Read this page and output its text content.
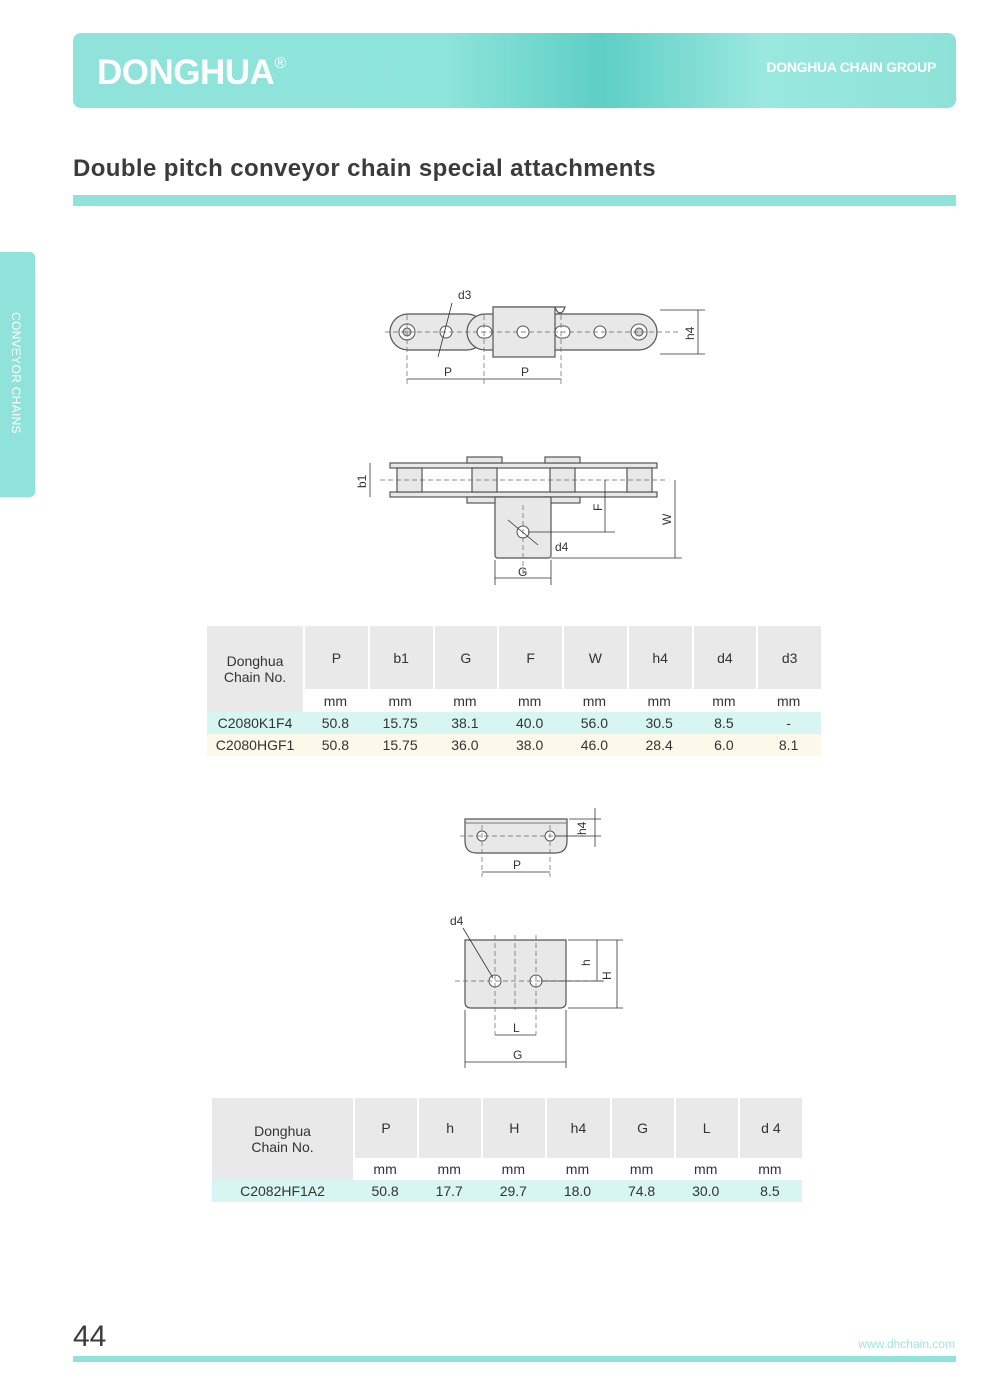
DONGHUA®	DONGHUA CHAIN GROUP
Double pitch conveyor chain special attachments
CONVEYOR CHAINS
d3
P	P
h4
b1
F
W
d4
G
Donghua
Chain No.	P	b1	G	F	W	h4	d4	d3
	mm	mm	mm	mm	mm	mm	mm	mm
C2080K1F4	50.8	15.75	38.1	40.0	56.0	30.5	8.5	-
C2080HGF1	50.8	15.75	36.0	38.0	46.0	28.4	6.0	8.1
P
h4
d4
L
G
h
H
Donghua
Chain No.	P	h	H	h4	G	L	d 4
	mm	mm	mm	mm	mm	mm	mm
C2082HF1A2	50.8	17.7	29.7	18.0	74.8	30.0	8.5
44	www.dhchain.com
